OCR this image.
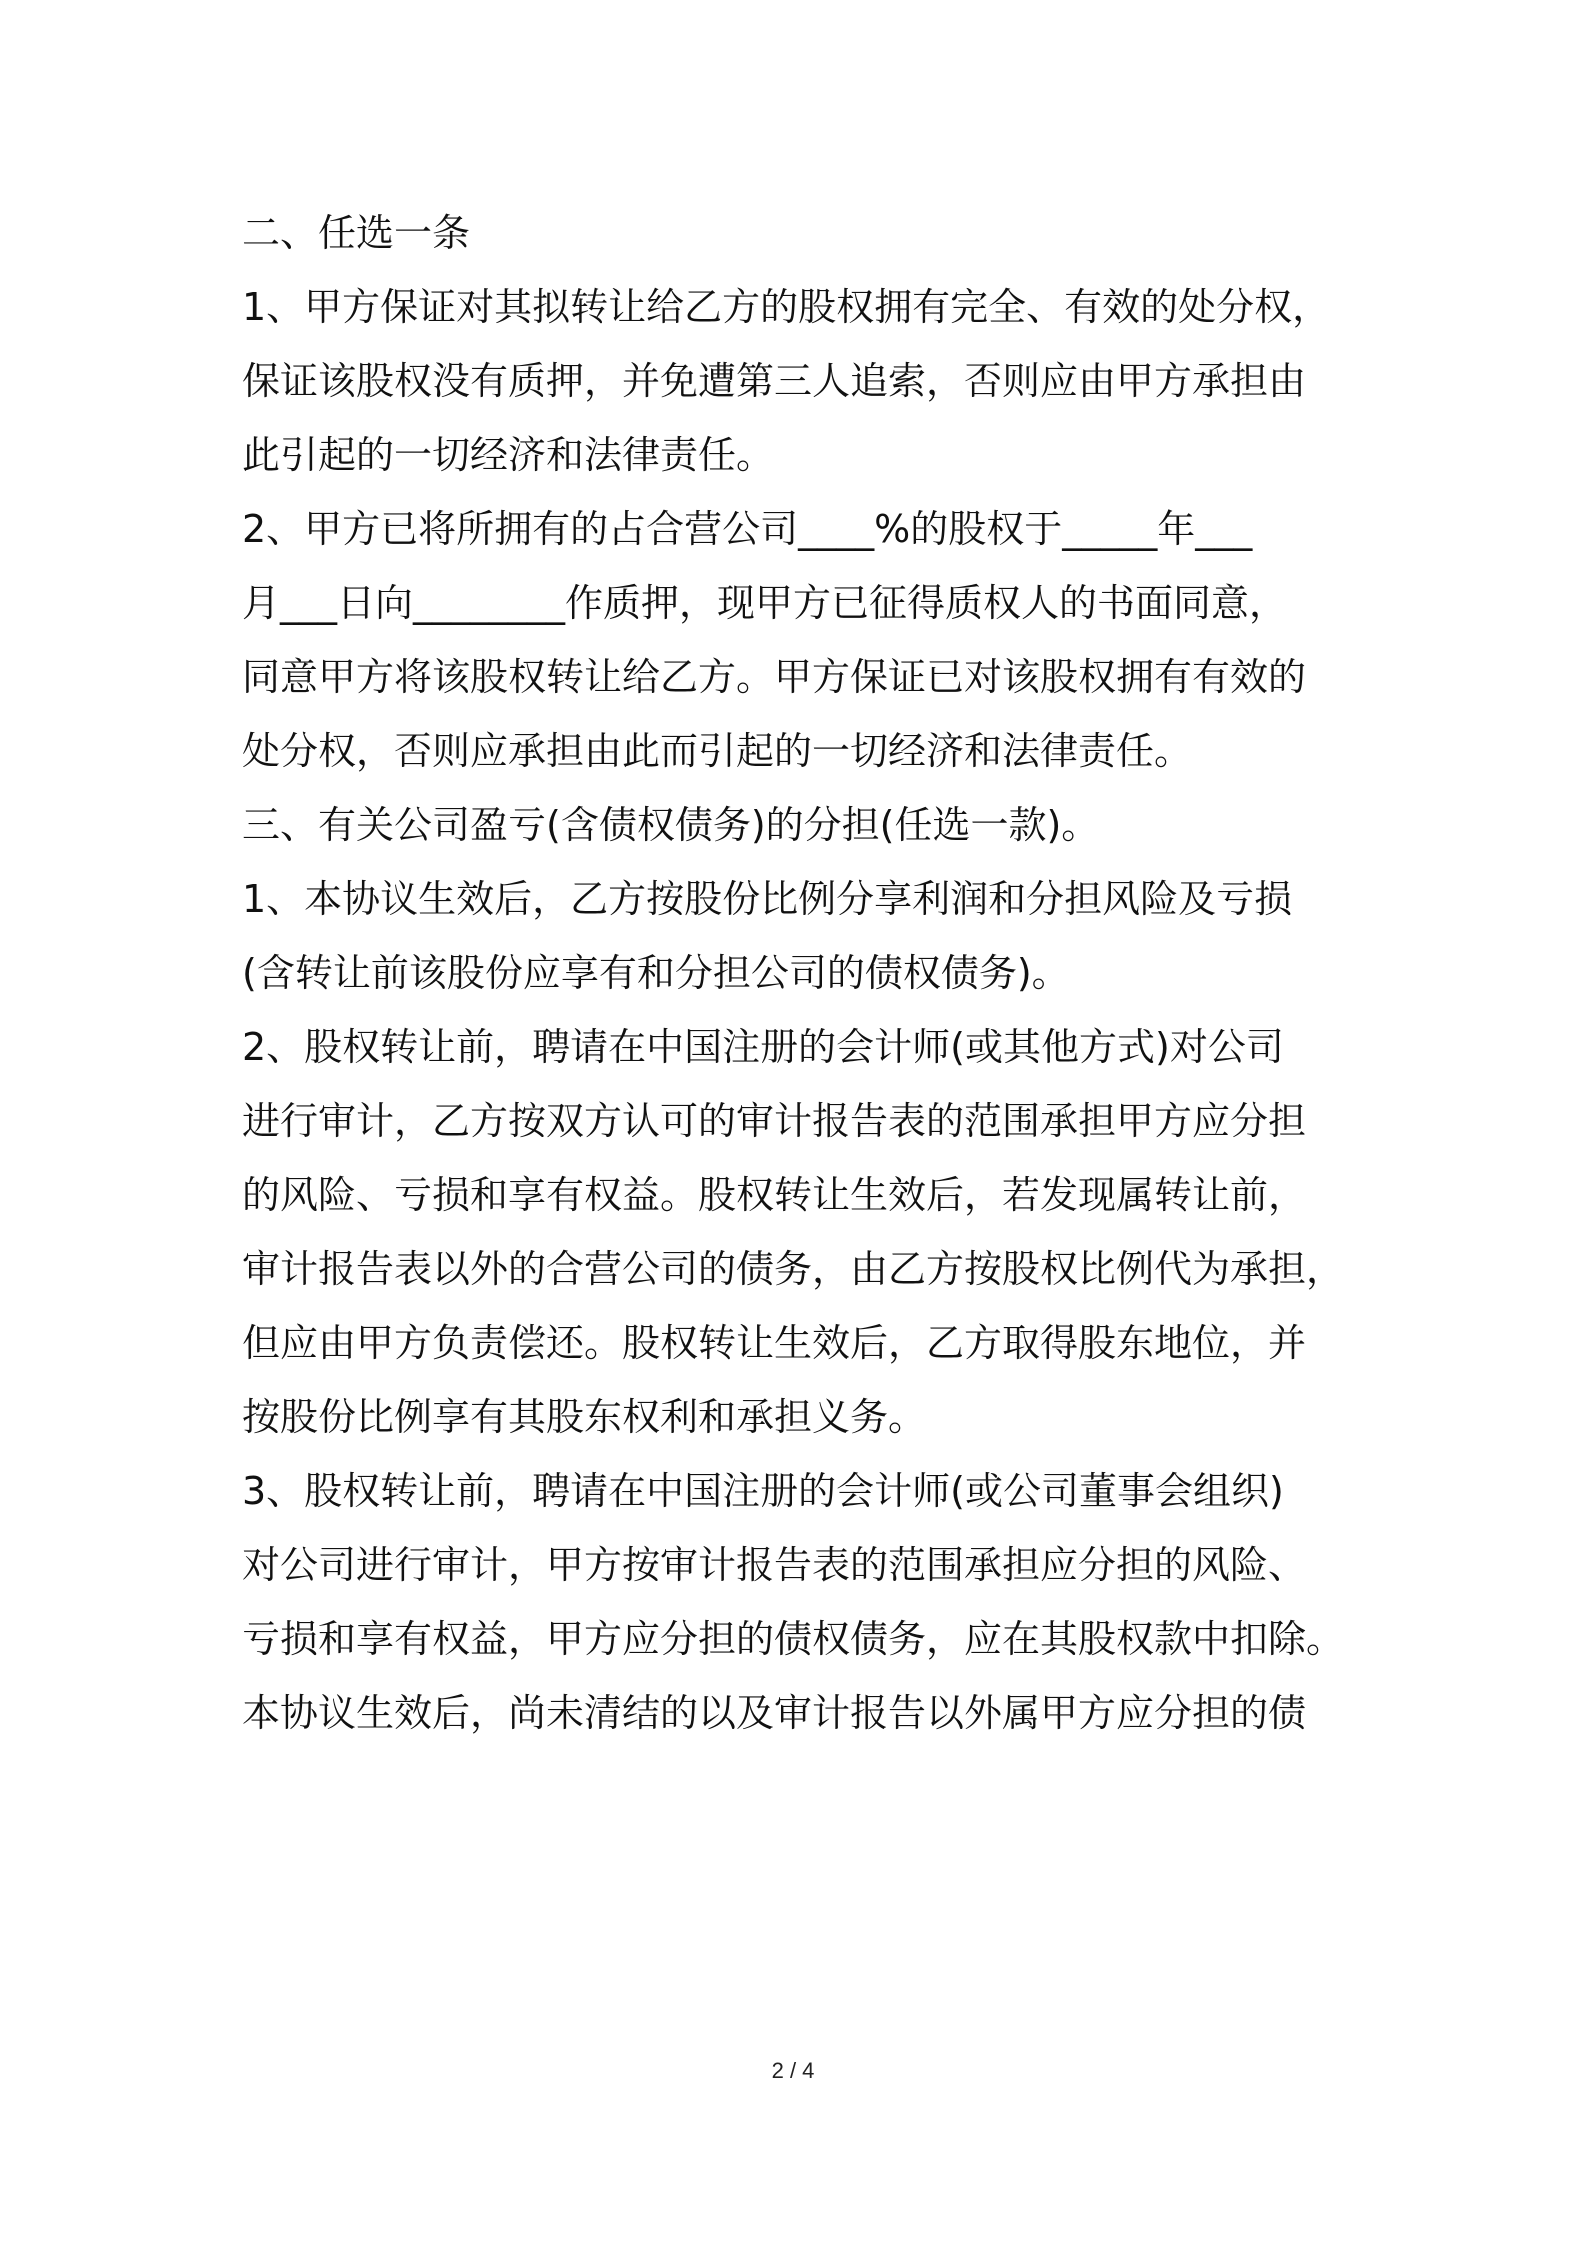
二、任选一条
1、甲方保证对其拟转让给乙方的股权拥有完全、有效的处分权，
保证该股权没有质押，并免遭第三人追索，否则应由甲方承担由
此引起的一切经济和法律责任。
2、甲方已将所拥有的占合营公司____%的股权于_____年___
月___日向________作质押，现甲方已征得质权人的书面同意，
同意甲方将该股权转让给乙方。甲方保证已对该股权拥有有效的
处分权，否则应承担由此而引起的一切经济和法律责任。
三、有关公司盈亏(含债权债务)的分担(任选一款)。
1、本协议生效后，乙方按股份比例分享利润和分担风险及亏损
(含转让前该股份应享有和分担公司的债权债务)。
2、股权转让前，聘请在中国注册的会计师(或其他方式)对公司
进行审计，乙方按双方认可的审计报告表的范围承担甲方应分担
的风险、亏损和享有权益。股权转让生效后，若发现属转让前，
审计报告表以外的合营公司的债务，由乙方按股权比例代为承担，
但应由甲方负责偿还。股权转让生效后，乙方取得股东地位，并
按股份比例享有其股东权利和承担义务。
3、股权转让前，聘请在中国注册的会计师(或公司董事会组织)
对公司进行审计，甲方按审计报告表的范围承担应分担的风险、
亏损和享有权益，甲方应分担的债权债务，应在其股权款中扣除。
本协议生效后，尚未清结的以及审计报告以外属甲方应分担的债
2 / 4
